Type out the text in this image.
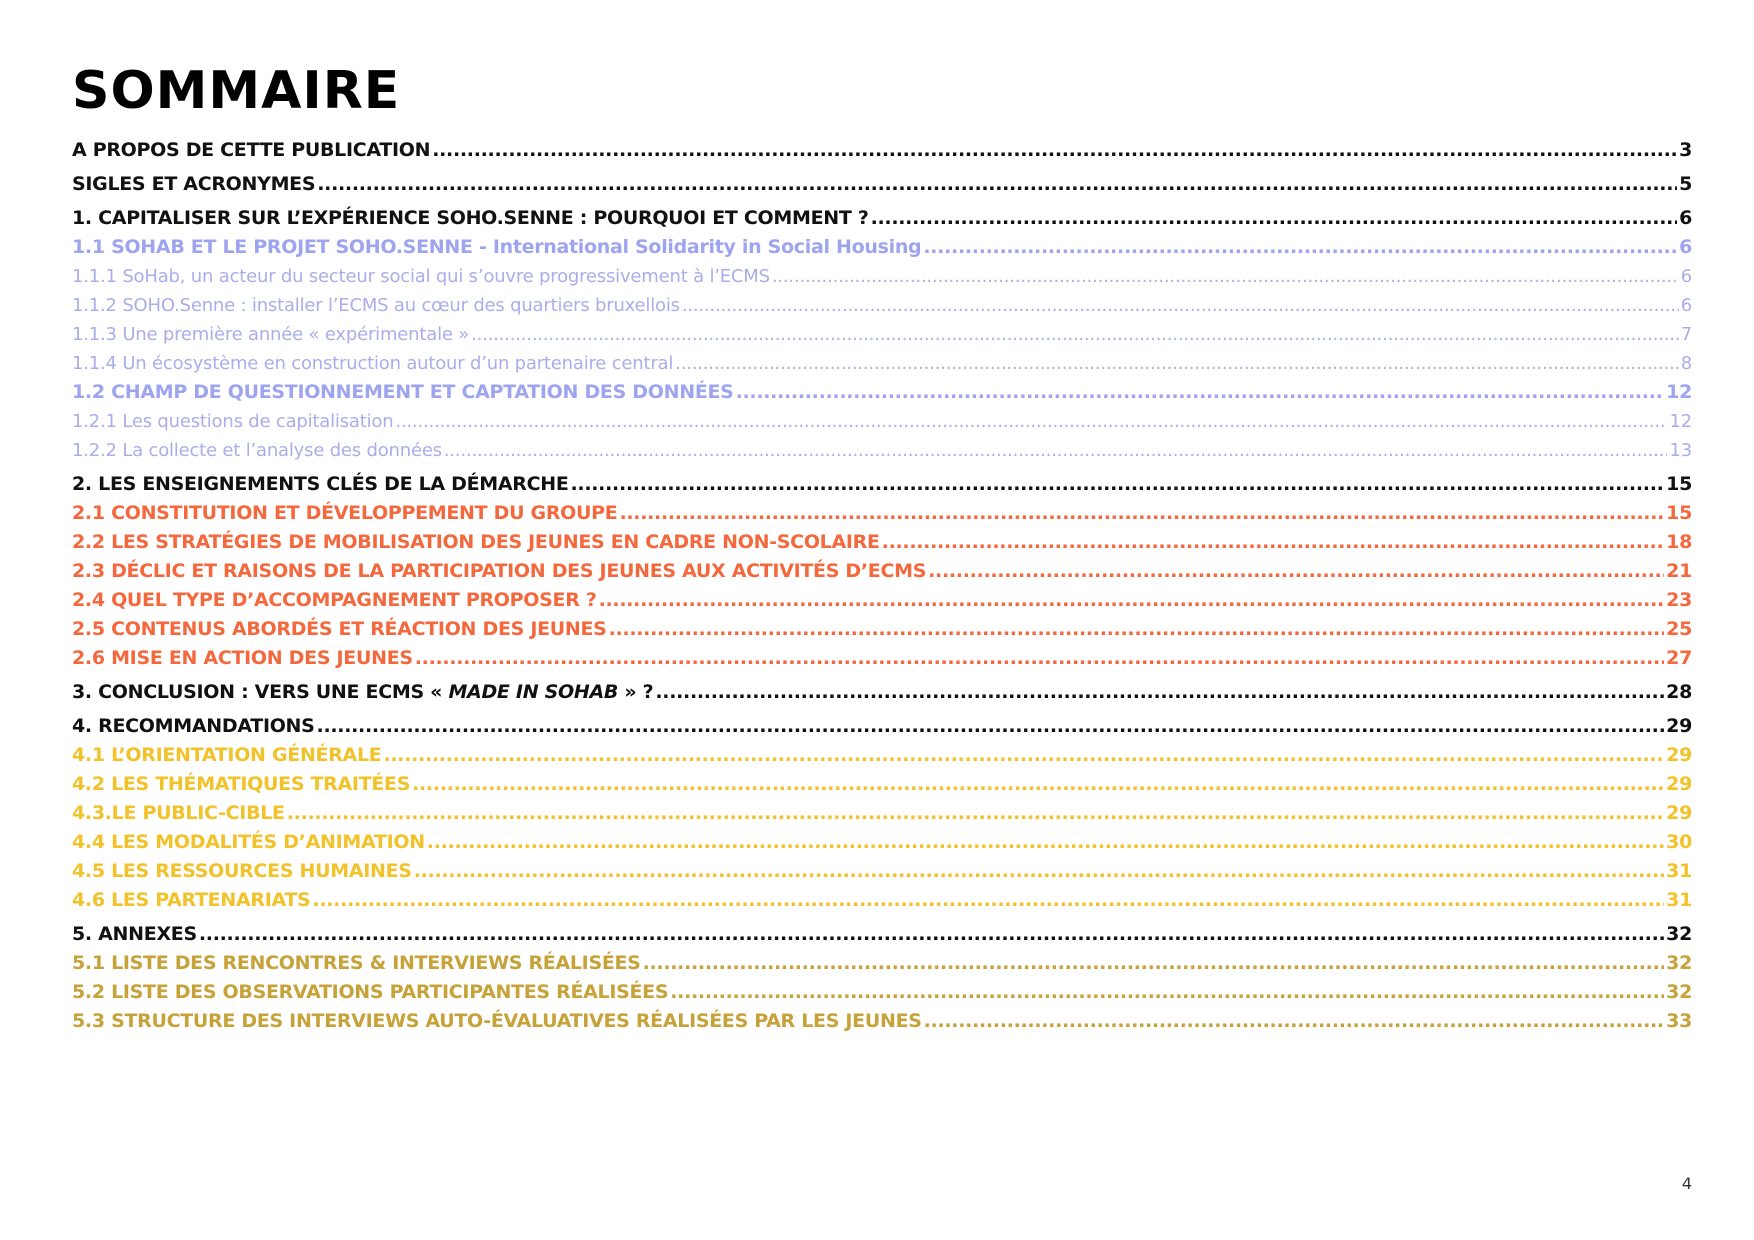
SOMMAIRE
A PROPOS DE CETTE PUBLICATION .....	3
SIGLES ET ACRONYMES .....	5
1. CAPITALISER SUR L’EXPÉRIENCE SOHO.SENNE : POURQUOI ET COMMENT ? .....	6
1.1 SOHAB ET LE PROJET SOHO.SENNE - International Solidarity in Social Housing .....	6
1.1.1 SoHab, un acteur du secteur social qui s’ouvre progressivement à l’ECMS .....	6
1.1.2 SOHO.Senne : installer l’ECMS au cœur des quartiers bruxellois .....	6
1.1.3 Une première année « expérimentale » .....	7
1.1.4 Un écosystème en construction autour d’un partenaire central .....	8
1.2 CHAMP DE QUESTIONNEMENT ET CAPTATION DES DONNÉES .....	12
1.2.1 Les questions de capitalisation .....	12
1.2.2 La collecte et l’analyse des données .....	13
2. LES ENSEIGNEMENTS CLÉS DE LA DÉMARCHE .....	15
2.1 CONSTITUTION ET DÉVELOPPEMENT DU GROUPE .....	15
2.2 LES STRATÉGIES DE MOBILISATION DES JEUNES EN CADRE NON-SCOLAIRE .....	18
2.3 DÉCLIC ET RAISONS DE LA PARTICIPATION DES JEUNES AUX ACTIVITÉS D’ECMS .....	21
2.4 QUEL TYPE D’ACCOMPAGNEMENT PROPOSER ? .....	23
2.5 CONTENUS ABORDÉS ET RÉACTION DES JEUNES .....	25
2.6 MISE EN ACTION DES JEUNES .....	27
3. CONCLUSION : VERS UNE ECMS « MADE IN SOHAB » ? .....	28
4. RECOMMANDATIONS .....	29
4.1 L’ORIENTATION GÉNÉRALE .....	29
4.2 LES THÉMATIQUES TRAITÉES .....	29
4.3.LE PUBLIC-CIBLE .....	29
4.4 LES MODALITÉS D’ANIMATION .....	30
4.5 LES RESSOURCES HUMAINES .....	31
4.6 LES PARTENARIATS .....	31
5. ANNEXES .....	32
5.1 LISTE DES RENCONTRES & INTERVIEWS RÉALISÉES .....	32
5.2 LISTE DES OBSERVATIONS PARTICIPANTES RÉALISÉES .....	32
5.3 STRUCTURE DES INTERVIEWS AUTO-ÉVALUATIVES RÉALISÉES PAR LES JEUNES .....	33
4
